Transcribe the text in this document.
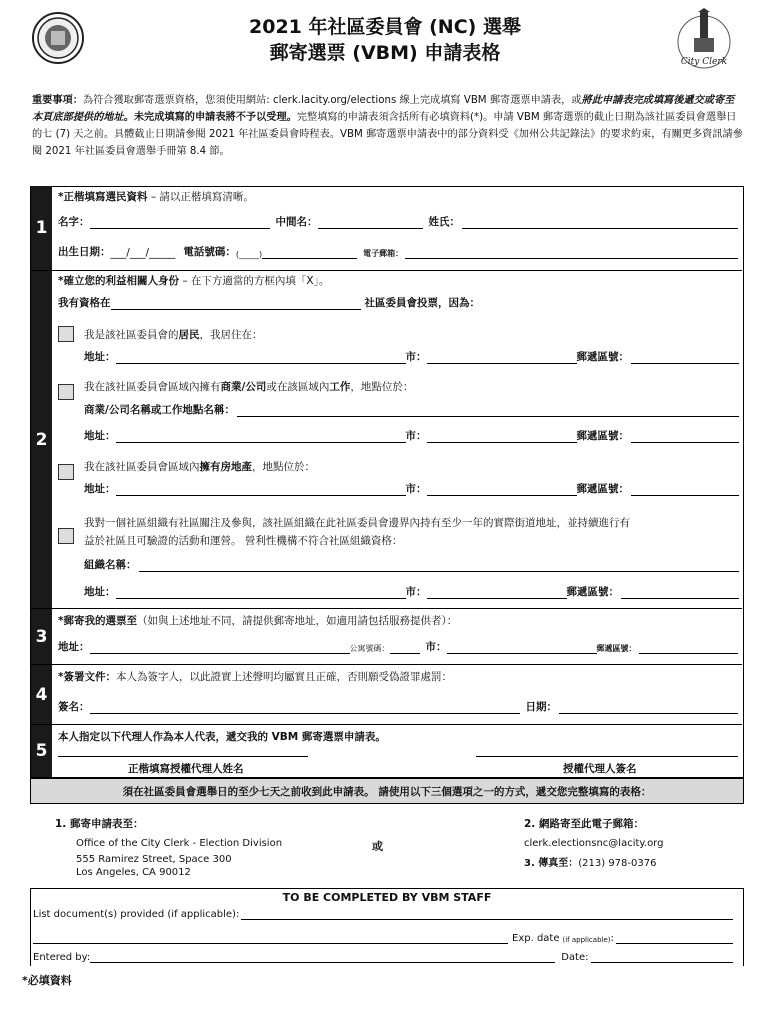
City Clerk
2021 年社區委員會 (NC) 選舉
郵寄選票 (VBM) 申請表格
重要事項：為符合獲取郵寄選票資格，您須使用網站: clerk.lacity.org/elections 線上完成填寫 VBM 郵寄選票申請表，或將此申請表完成填寫後遞交或寄至本頁底部提供的地址。未完成填寫的申請表將不予以受理。完整填寫的申請表須含括所有必填資料(*)。申請 VBM 郵寄選票的截止日期為該社區委員會選舉日的七 (7) 天之前。具體截止日期請參閱 2021 年社區委員會時程表。VBM 郵寄選票申請表中的部分資料受《加州公共記錄法》的要求約束，有關更多資訊請參閱 2021 年社區委員會選舉手冊第 8.4 節。
1
*正楷填寫選民資料 – 請以正楷填寫清晰。
名字：	中間名：	姓氏：
出生日期： ___/___/_____ 電話號碼： (_____)	電子郵箱：
2
*確立您的利益相關人身份 – 在下方適當的方框內填「X」。
我有資格在	社區委員會投票，因為：
我是該社區委員會的居民，我居住在：
地址：	市：	郵遞區號：
我在該社區委員會區域內擁有商業/公司或在該區域內工作，地點位於：
商業/公司名稱或工作地點名稱：
地址：	市：	郵遞區號：
我在該社區委員會區域內擁有房地產，地點位於：
地址：	市：	郵遞區號：
我對一個社區組織有社區關注及參與，該社區組織在此社區委員會邊界內持有至少一年的實際街道地址，並持續進行有
益於社區且可驗證的活動和運營。 營利性機構不符合社區組織資格：
組織名稱：
地址：	市：	郵遞區號：
3
*郵寄我的選票至（如與上述地址不同，請提供郵寄地址，如適用請包括服務提供者）：
地址：	公寓號碼：	市：	郵遞區號：
4
*簽署文件：本人為簽字人，以此證實上述聲明均屬實且正確，否則願受偽證罪處罰：
簽名：	日期：
5
本人指定以下代理人作為本人代表，遞交我的 VBM 郵寄選票申請表。
正楷填寫授權代理人姓名	授權代理人簽名
須在社區委員會選舉日的至少七天之前收到此申請表。 請使用以下三個選項之一的方式，遞交您完整填寫的表格：
1. 郵寄申請表至：
Office of the City Clerk - Election Division
555 Ramirez Street, Space 300
Los Angeles, CA 90012
或
2. 網路寄至此電子郵箱：
clerk.electionsnc@lacity.org
3. 傳真至：(213) 978-0376
TO BE COMPLETED BY VBM STAFF
List document(s) provided (if applicable):
Exp. date (if applicable) :
Entered by:	Date:
*必填資料
